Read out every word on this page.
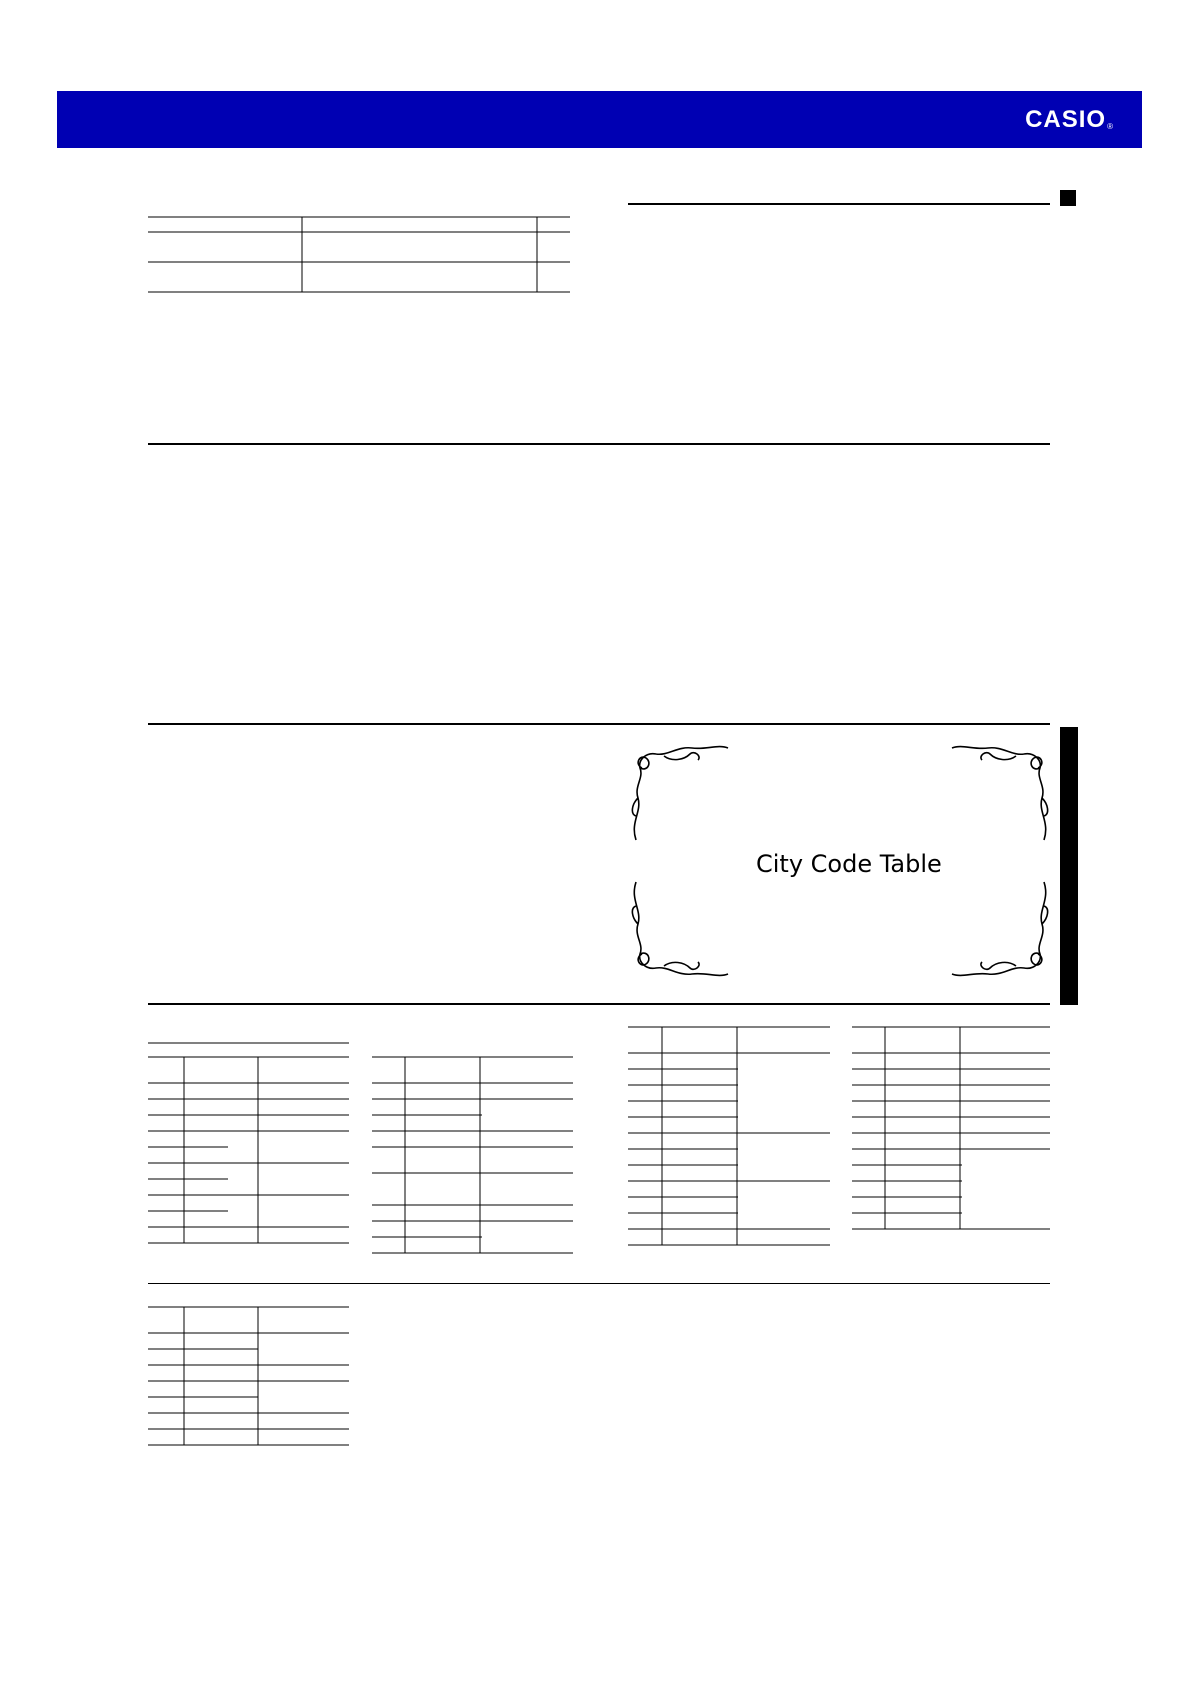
CASIO®
City Code Table
